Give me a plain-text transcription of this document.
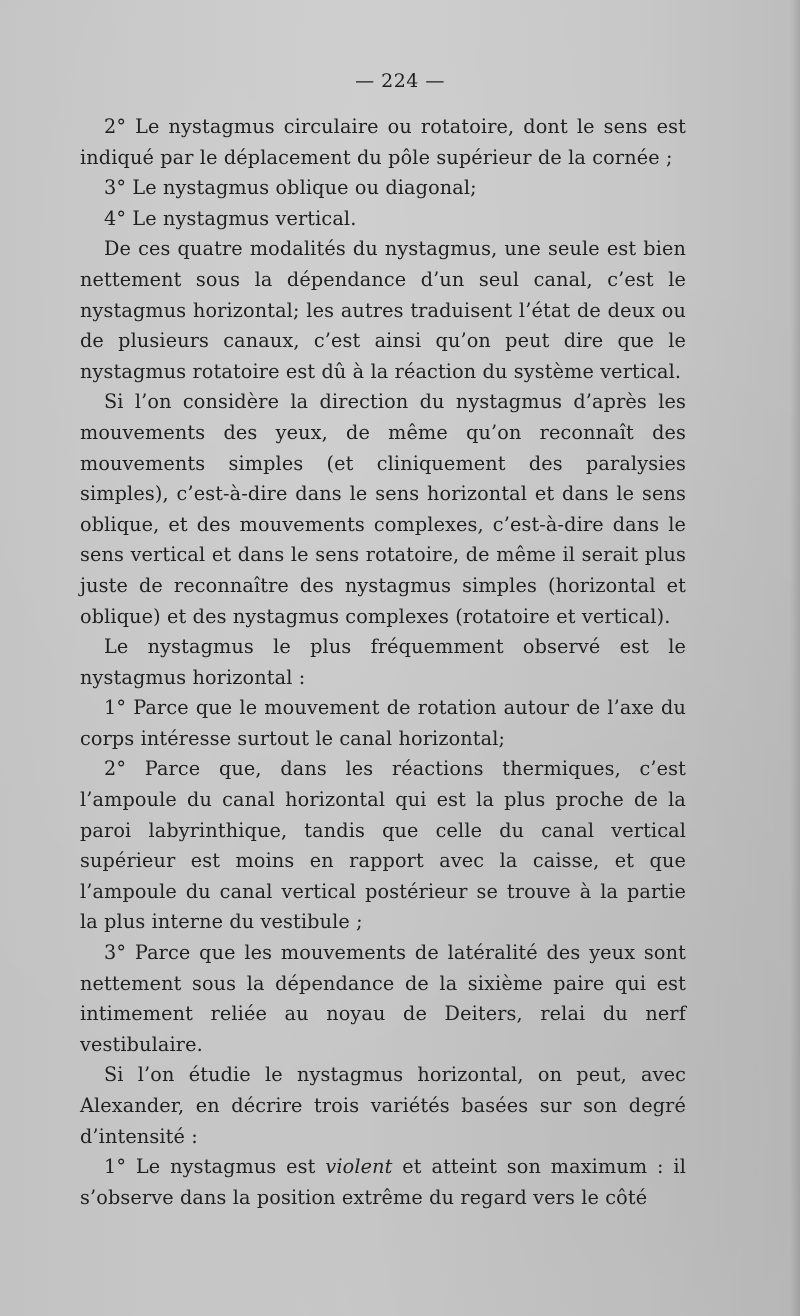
— 224 —

2° Le nystagmus circulaire ou rotatoire, dont le sens est indiqué par le déplacement du pôle supérieur de la cornée ;

3° Le nystagmus oblique ou diagonal;

4° Le nystagmus vertical.

De ces quatre modalités du nystagmus, une seule est bien nettement sous la dépendance d’un seul canal, c’est le nystagmus horizontal; les autres traduisent l’état de deux ou de plusieurs canaux, c’est ainsi qu’on peut dire que le nystagmus rotatoire est dû à la réaction du système vertical.

Si l’on considère la direction du nystagmus d’après les mouvements des yeux, de même qu’on reconnaît des mouvements simples (et cliniquement des paralysies simples), c’est-à-dire dans le sens horizontal et dans le sens oblique, et des mouvements complexes, c’est-à-dire dans le sens vertical et dans le sens rotatoire, de même il serait plus juste de reconnaître des nystagmus simples (horizontal et oblique) et des nystagmus complexes (rotatoire et vertical).

Le nystagmus le plus fréquemment observé est le nystagmus horizontal :

1° Parce que le mouvement de rotation autour de l’axe du corps intéresse surtout le canal horizontal;

2° Parce que, dans les réactions thermiques, c’est l’ampoule du canal horizontal qui est la plus proche de la paroi labyrinthique, tandis que celle du canal vertical supérieur est moins en rapport avec la caisse, et que l’ampoule du canal vertical postérieur se trouve à la partie la plus interne du vestibule ;

3° Parce que les mouvements de latéralité des yeux sont nettement sous la dépendance de la sixième paire qui est intimement reliée au noyau de Deiters, relai du nerf vestibulaire.

Si l’on étudie le nystagmus horizontal, on peut, avec Alexander, en décrire trois variétés basées sur son degré d’intensité :

1° Le nystagmus est violent et atteint son maximum : il s’observe dans la position extrême du regard vers le côté
